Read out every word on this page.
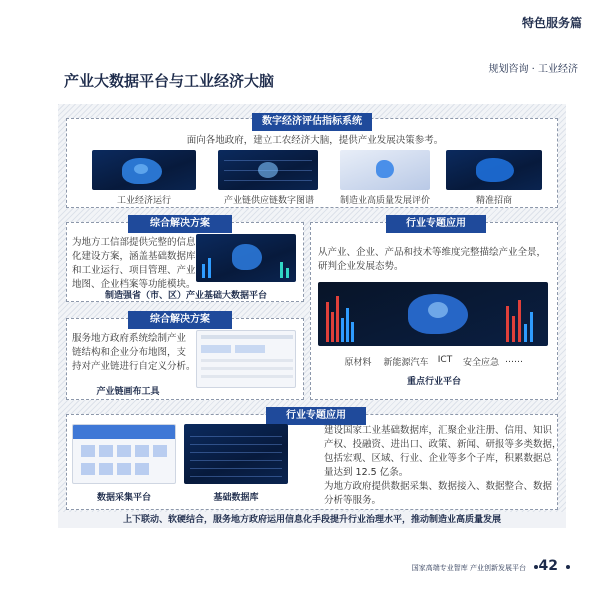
特色服务篇
规划咨询 · 工业经济
产业大数据平台与工业经济大脑
数字经济评估指标系统
面向各地政府，建立工农经济大脑，提供产业发展决策参考。
工业经济运行	产业链供应链数字图谱	制造业高质量发展评价	精准招商
综合解决方案
为地方工信部提供完整的信息
化建设方案，涵盖基础数据库
和工业运行、项目管理、产业
地图、企业档案等功能模块。
制造强省（市、区）产业基础大数据平台
综合解决方案
服务地方政府系统绘制产业
链结构和企业分布地图，支
持对产业链进行自定义分析。
产业链画布工具
行业专题应用
从产业、企业、产品和技术等维度完整描绘产业全景，
研判企业发展态势。
原材料	新能源汽车	ICT	安全应急 ……
重点行业平台
行业专题应用
数据采集平台	基础数据库
建设国家工业基础数据库，汇聚企业注册、信用、知识
产权、投融资、进出口、政策、新闻、研报等多类数据，
包括宏观、区域、行业、企业等多个子库，积累数据总
量达到 12.5 亿条。
为地方政府提供数据采集、数据接入、数据整合、数据
分析等服务。
上下联动、软硬结合，服务地方政府运用信息化手段提升行业治理水平，推动制造业高质量发展
国家高端专业智库 产业创新发展平台 42
